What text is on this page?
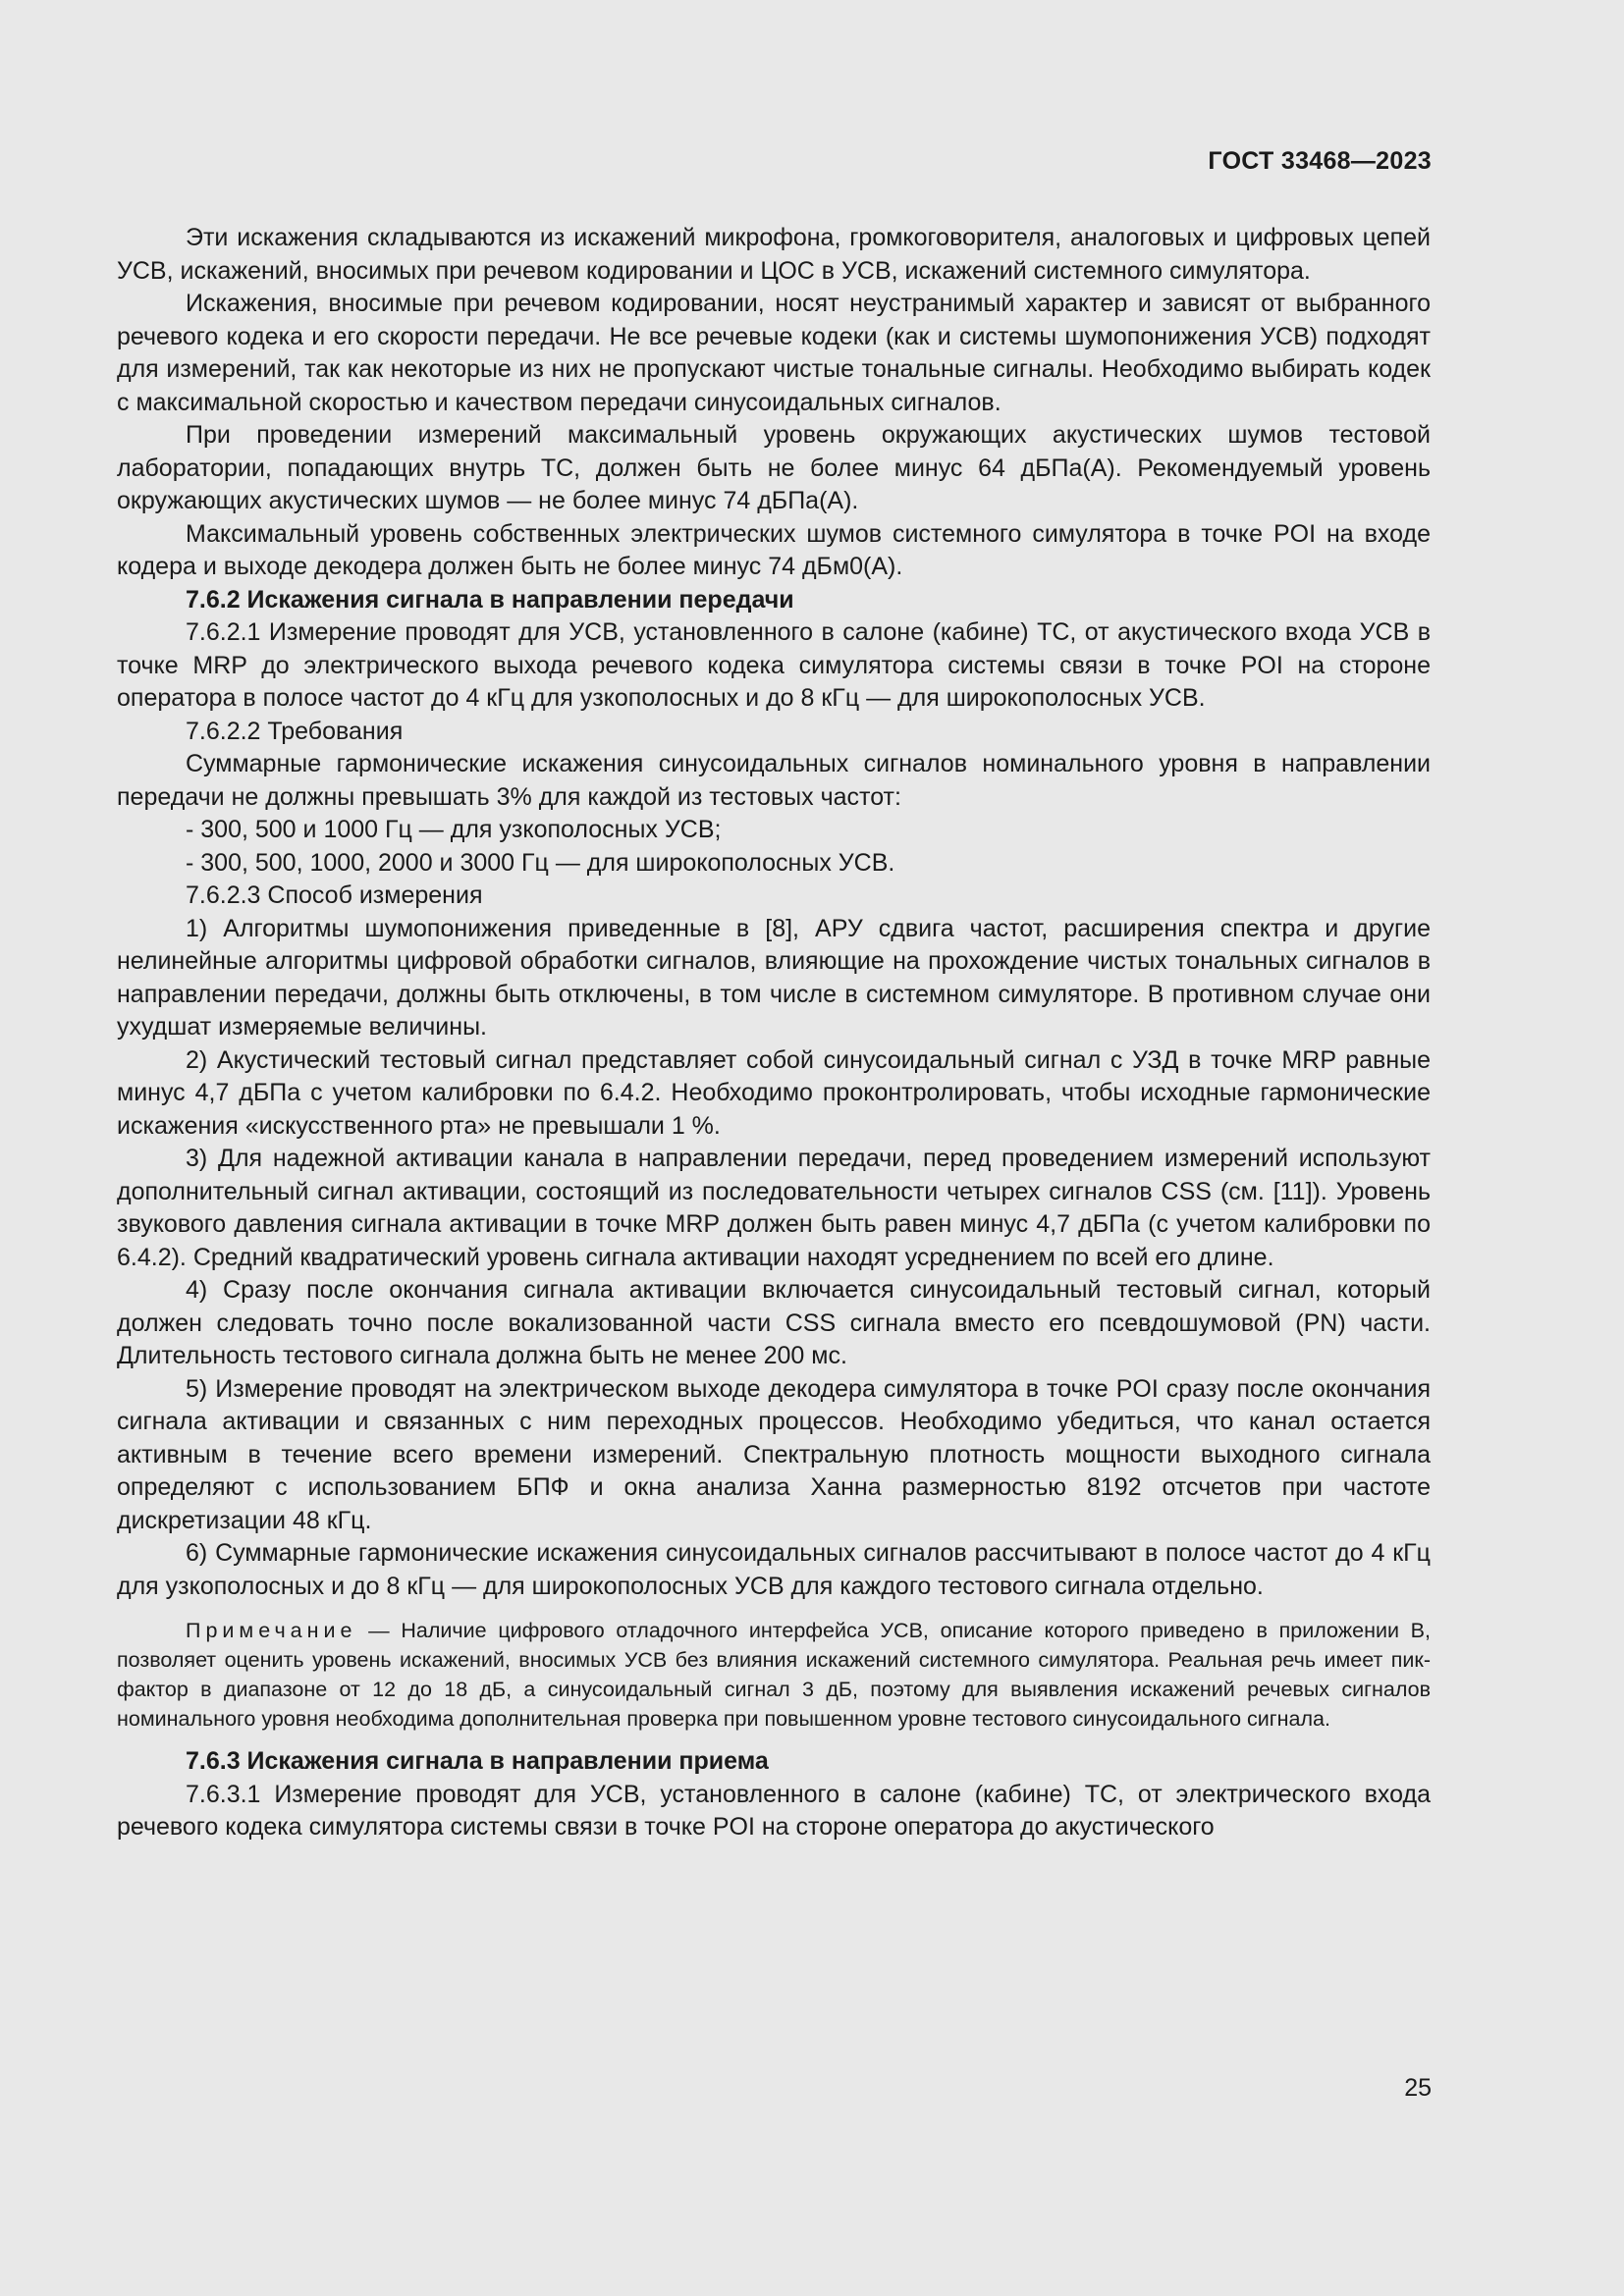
ГОСТ 33468—2023

Эти искажения складываются из искажений микрофона, громкоговорителя, аналоговых и цифровых цепей УСВ, искажений, вносимых при речевом кодировании и ЦОС в УСВ, искажений системного симулятора.

Искажения, вносимые при речевом кодировании, носят неустранимый характер и зависят от выбранного речевого кодека и его скорости передачи. Не все речевые кодеки (как и системы шумопонижения УСВ) подходят для измерений, так как некоторые из них не пропускают чистые тональные сигналы. Необходимо выбирать кодек с максимальной скоростью и качеством передачи синусоидальных сигналов.

При проведении измерений максимальный уровень окружающих акустических шумов тестовой лаборатории, попадающих внутрь ТС, должен быть не более минус 64 дБПа(А). Рекомендуемый уровень окружающих акустических шумов — не более минус 74 дБПа(А).

Максимальный уровень собственных электрических шумов системного симулятора в точке POI на входе кодера и выходе декодера должен быть не более минус 74 дБм0(А).

7.6.2 Искажения сигнала в направлении передачи

7.6.2.1 Измерение проводят для УСВ, установленного в салоне (кабине) ТС, от акустического входа УСВ в точке MRP до электрического выхода речевого кодека симулятора системы связи в точке POI на стороне оператора в полосе частот до 4 кГц для узкополосных и до 8 кГц — для широкополосных УСВ.

7.6.2.2 Требования

Суммарные гармонические искажения синусоидальных сигналов номинального уровня в направлении передачи не должны превышать 3% для каждой из тестовых частот:

- 300, 500 и 1000 Гц — для узкополосных УСВ;

- 300, 500, 1000, 2000 и 3000 Гц — для широкополосных УСВ.

7.6.2.3 Способ измерения

1) Алгоритмы шумопонижения приведенные в [8], АРУ сдвига частот, расширения спектра и другие нелинейные алгоритмы цифровой обработки сигналов, влияющие на прохождение чистых тональных сигналов в направлении передачи, должны быть отключены, в том числе в системном симуляторе. В противном случае они ухудшат измеряемые величины.

2) Акустический тестовый сигнал представляет собой синусоидальный сигнал с УЗД в точке MRP равные минус 4,7 дБПа с учетом калибровки по 6.4.2. Необходимо проконтролировать, чтобы исходные гармонические искажения «искусственного рта» не превышали 1 %.

3) Для надежной активации канала в направлении передачи, перед проведением измерений используют дополнительный сигнал активации, состоящий из последовательности четырех сигналов CSS (см. [11]). Уровень звукового давления сигнала активации в точке MRP должен быть равен минус 4,7 дБПа (с учетом калибровки по 6.4.2). Средний квадратический уровень сигнала активации находят усреднением по всей его длине.

4) Сразу после окончания сигнала активации включается синусоидальный тестовый сигнал, который должен следовать точно после вокализованной части CSS сигнала вместо его псевдошумовой (PN) части. Длительность тестового сигнала должна быть не менее 200 мс.

5) Измерение проводят на электрическом выходе декодера симулятора в точке POI сразу после окончания сигнала активации и связанных с ним переходных процессов. Необходимо убедиться, что канал остается активным в течение всего времени измерений. Спектральную плотность мощности выходного сигнала определяют с использованием БПФ и окна анализа Ханна размерностью 8192 отсчетов при частоте дискретизации 48 кГц.

6) Суммарные гармонические искажения синусоидальных сигналов рассчитывают в полосе частот до 4 кГц для узкополосных и до 8 кГц — для широкополосных УСВ для каждого тестового сигнала отдельно.

Примечание — Наличие цифрового отладочного интерфейса УСВ, описание которого приведено в приложении В, позволяет оценить уровень искажений, вносимых УСВ без влияния искажений системного симулятора. Реальная речь имеет пик-фактор в диапазоне от 12 до 18 дБ, а синусоидальный сигнал 3 дБ, поэтому для выявления искажений речевых сигналов номинального уровня необходима дополнительная проверка при повышенном уровне тестового синусоидального сигнала.

7.6.3 Искажения сигнала в направлении приема

7.6.3.1 Измерение проводят для УСВ, установленного в салоне (кабине) ТС, от электрического входа речевого кодека симулятора системы связи в точке POI на стороне оператора до акустического

25
